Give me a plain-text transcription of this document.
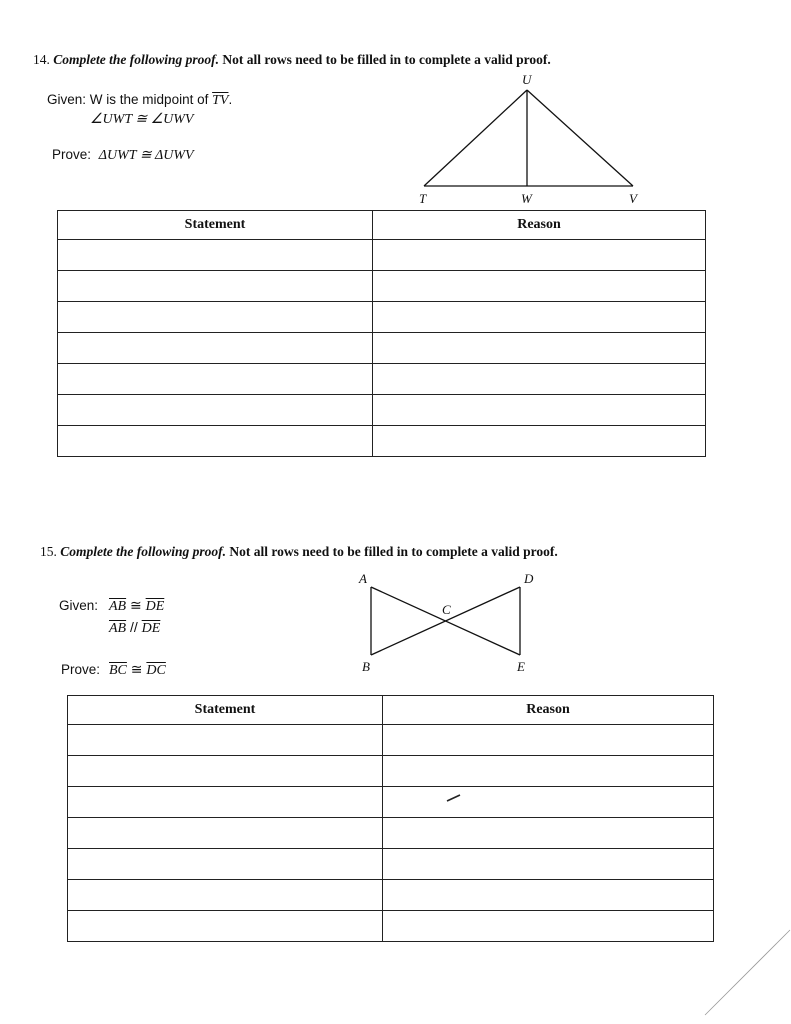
14. Complete the following proof. Not all rows need to be filled in to complete a valid proof.
Given: W is the midpoint of $\overline{TV}$.
∠UWT ≅ ∠UWV
Prove: ΔUWT ≅ ΔUWV
U
T	W	V
Statement	Reason

15. Complete the following proof. Not all rows need to be filled in to complete a valid proof.
Given: $\overline{AB}$ ≅ $\overline{DE}$
$\overline{AB} // \overline{DE}$
Prove: $\overline{BC}$ ≅ $\overline{DC}$
A	D
C
B	E
Statement	Reason
